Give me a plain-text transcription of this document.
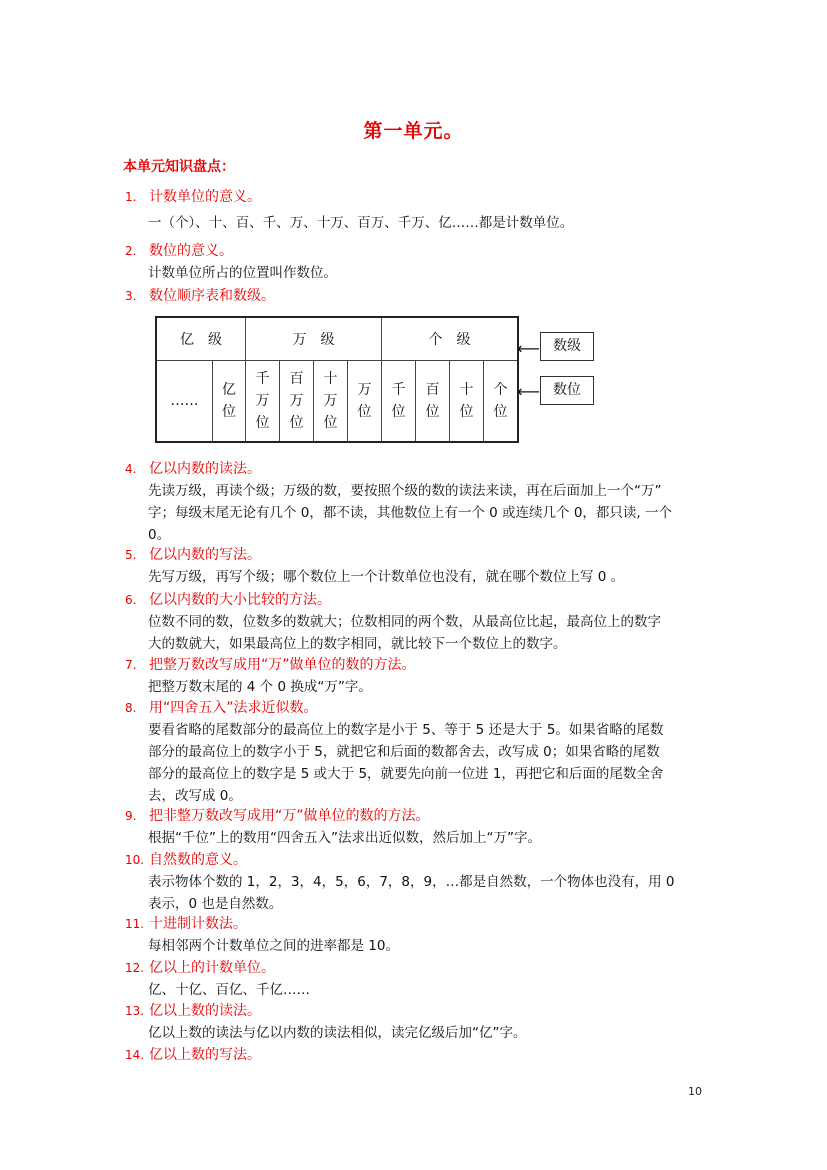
第一单元。
本单元知识盘点：
1. 计数单位的意义。
一（个）、十、百、千、万、十万、百万、千万、亿……都是计数单位。
2. 数位的意义。
计数单位所占的位置叫作数位。
3. 数位顺序表和数级。
4. 亿以内数的读法。
先读万级，再读个级；万级的数，要按照个级的数的读法来读，再在后面加上一个“万”
字；每级末尾无论有几个 0，都不读，其他数位上有一个 0 或连续几个 0，都只读, 一个
0。
5. 亿以内数的写法。
先写万级，再写个级；哪个数位上一个计数单位也没有，就在哪个数位上写 0 。
6. 亿以内数的大小比较的方法。
位数不同的数，位数多的数就大；位数相同的两个数，从最高位比起，最高位上的数字
大的数就大，如果最高位上的数字相同，就比较下一个数位上的数字。
7. 把整万数改写成用“万”做单位的数的方法。
把整万数末尾的 4 个 0 换成“万”字。
8. 用“四舍五入”法求近似数。
要看省略的尾数部分的最高位上的数字是小于 5、等于 5 还是大于 5。如果省略的尾数
部分的最高位上的数字小于 5，就把它和后面的数都舍去，改写成 0；如果省略的尾数
部分的最高位上的数字是 5 或大于 5，就要先向前一位进 1，再把它和后面的尾数全舍
去，改写成 0。
9. 把非整万数改写成用“万”做单位的数的方法。
根据“千位”上的数用“四舍五入”法求出近似数，然后加上“万”字。
10. 自然数的意义。
表示物体个数的 1，2，3，4，5，6，7，8，9，…都是自然数，一个物体也没有，用 0
表示，0 也是自然数。
11. 十进制计数法。
每相邻两个计数单位之间的进率都是 10。
12. 亿以上的计数单位。
亿、十亿、百亿、千亿……
13. 亿以上数的读法。
亿以上数的读法与亿以内数的读法相似，读完亿级后加“亿”字。
14. 亿以上数的写法。
亿　级		万　级				个　级			
……	亿位	千万位	百万位	十万位	万位	千位	百位	十位	个位
⟵ 数级
⟵ 数位
10
